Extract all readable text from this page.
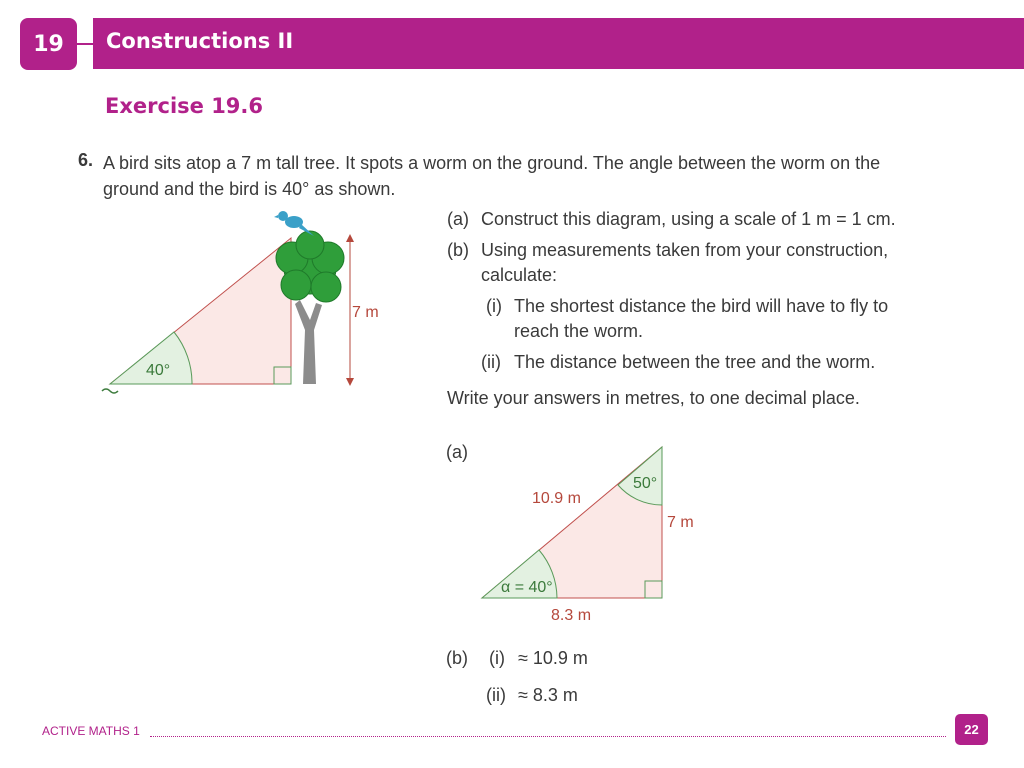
19	Constructions II
Exercise 19.6
6. A bird sits atop a 7 m tall tree. It spots a worm on the ground. The angle between the worm on the ground and the bird is 40° as shown.
40°
7 m
(a) Construct this diagram, using a scale of 1 m = 1 cm.
(b) Using measurements taken from your construction, calculate:
(i) The shortest distance the bird will have to fly to reach the worm.
(ii) The distance between the tree and the worm.
Write your answers in metres, to one decimal place.
(a)
10.9 m
50°
7 m
α = 40°
8.3 m
(b) (i) ≈ 10.9 m
(ii) ≈ 8.3 m
ACTIVE MATHS 1	22
